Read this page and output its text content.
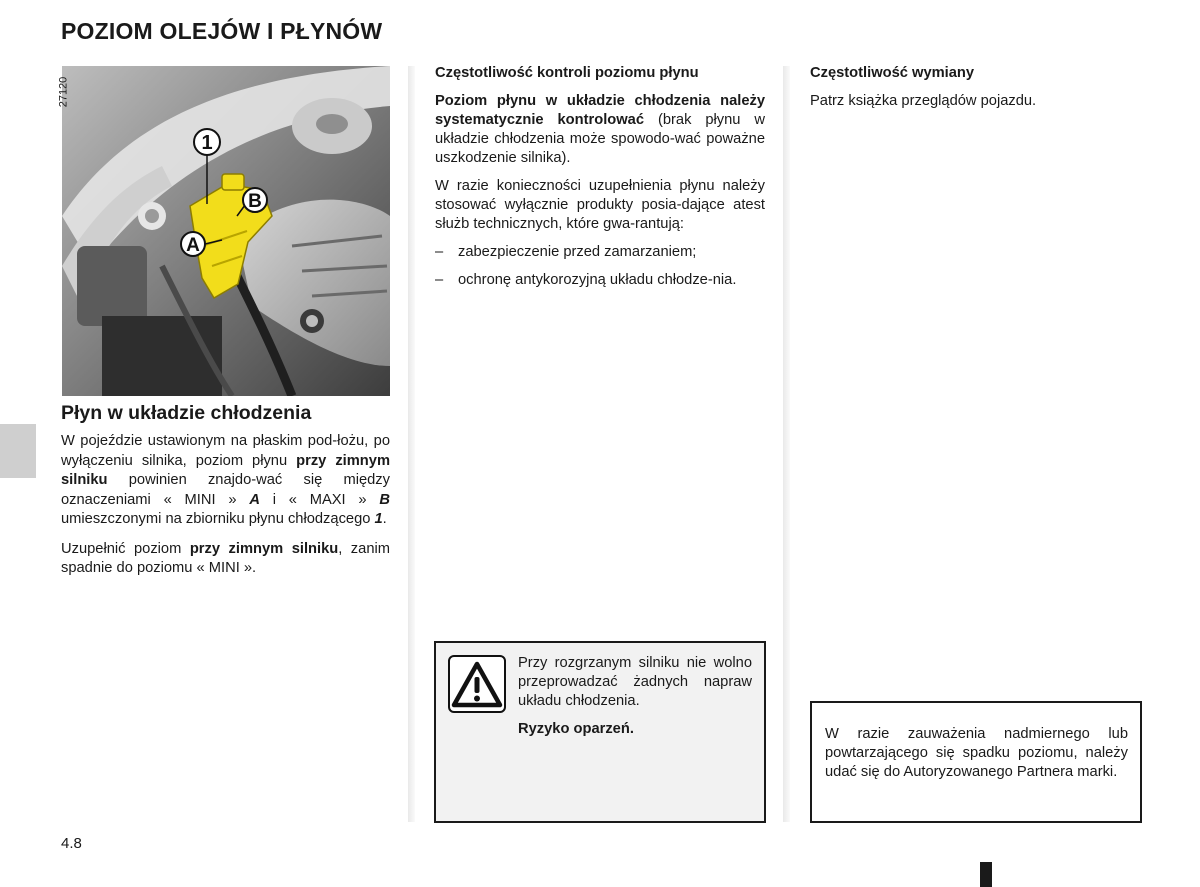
POZIOM OLEJÓW I PŁYNÓW
1
B
A
27120
Płyn w układzie chłodzenia

W pojeździe ustawionym na płaskim pod-łożu, po wyłączeniu silnika, poziom płynu przy zimnym silniku powinien znajdo-wać się między oznaczeniami « MINI » A i « MAXI » B umieszczonymi na zbiorniku płynu chłodzącego 1.

Uzupełnić poziom przy zimnym silniku, zanim spadnie do poziomu « MINI ».

Częstotliwość kontroli poziomu płynu

Poziom płynu w układzie chłodzenia należy systematycznie kontrolować (brak płynu w układzie chłodzenia może spowodo-wać poważne uszkodzenie silnika).

W razie konieczności uzupełnienia płynu należy stosować wyłącznie produkty posia-dające atest służb technicznych, które gwa-rantują:

– zabezpieczenie przed zamarzaniem;
– ochronę antykorozyjną układu chłodze-nia.

Przy rozgrzanym silniku nie wolno przeprowadzać żadnych napraw układu chłodzenia.

Ryzyko oparzeń.

Częstotliwość wymiany

Patrz książka przeglądów pojazdu.

W razie zauważenia nadmiernego lub powtarzającego się spadku poziomu, należy udać się do Autoryzowanego Partnera marki.
4.8
